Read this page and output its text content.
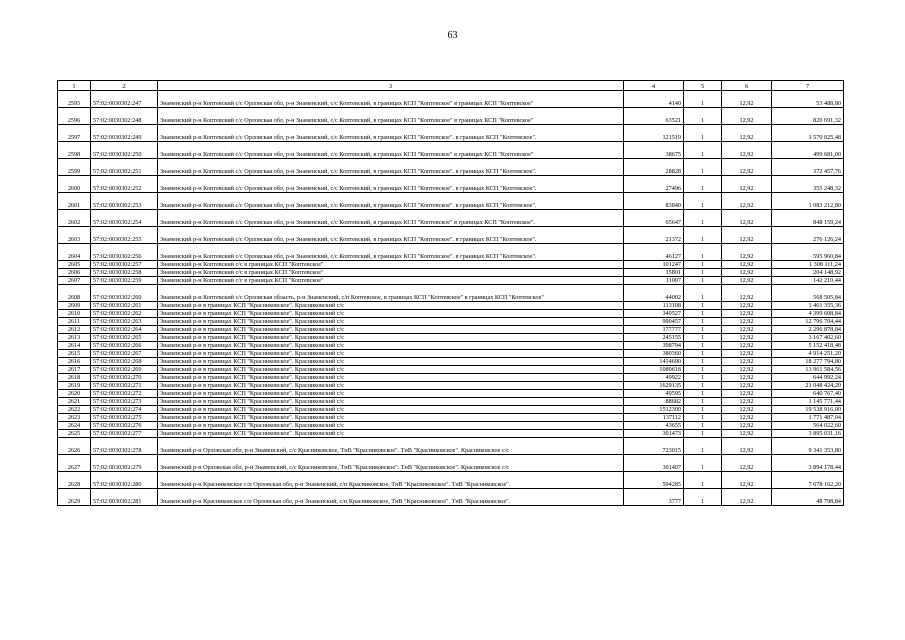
63
1	2	3	4	5	6	7
2595	57:02:0030302:247	Знаменский р-н Коптевский с/с Орловская обл, р-н Знаменский, с/с Коптевский, в границах КСП "Коптевское" в границах КСП "Коптевское"	4140	1	12,92	53 488,80
2596	57:02:0030302:248	Знаменский р-н Коптевский с/с Орловская обл, р-н Знаменский, с/с Коптевский, в границах КСП "Коптевское" в границах КСП "Коптевское"	63521	1	12,92	820 691,32
2597	57:02:0030302:249	Знаменский р-н Коптевский с/с Орловская обл, р-н Знаменский, с/с Коптевский, в границах КСП "Коптевское". в границах КСП "Коптевское".	121519	1	12,92	1 570 025,48
2598	57:02:0030302:250	Знаменский р-н Коптевский с/с Орловская обл, р-н Знаменский, с/с Коптевский, в границах КСП "Коптевское" в границах КСП "Коптевское"	38675	1	12,92	499 681,00
2599	57:02:0030302:251	Знаменский р-н Коптевский с/с Орловская обл, р-н Знаменский, с/с Коптевский, в границах КСП "Коптевское". в границах КСП "Коптевское".	28828	1	12,92	372 457,76
2600	57:02:0030302:252	Знаменский р-н Коптевский с/с Орловская обл, р-н Знаменский, с/с Коптевский, в границах КСП "Коптевское". в границах КСП "Коптевское".	27496	1	12,92	355 248,32
2601	57:02:0030302:253	Знаменский р-н Коптевский с/с Орловская обл, р-н Знаменский, с/с Коптевский, в границах КСП "Коптевское". в границах КСП "Коптевское".	83840	1	12,92	1 083 212,80
2602	57:02:0030302:254	Знаменский р-н Коптевский с/с Орловская обл, р-н Знаменский, с/с Коптевский, в границах КСП "Коптевское" в границах КСП "Коптевское".	65647	1	12,92	848 159,24
2603	57:02:0030302:255	Знаменский р-н Коптевский с/с Орловская обл, р-н Знаменский, с/с Коптевский, в границах КСП "Коптевское". в границах КСП "Коптевское".	21372	1	12,92	276 126,24
2604	57:02:0030302:256	Знаменский р-н Коптевский с/с Орловская обл, р-н Знаменский, с/с Коптевский, в границах КСП "Коптевское". в границах КСП "Коптевское".	46127	1	12,92	595 960,84
2605	57:02:0030302:257	Знаменский р-н Коптевский с/с в границах КСП "Коптевское"	101247	1	12,92	1 308 111,24
2606	57:02:0030302:258	Знаменский р-н Коптевский с/с в границах КСП "Коптевское"	15801	1	12,92	204 148,92
2607	57:02:0030302:259	Знаменский р-н Коптевский с/с в границах КСП "Коптевское"	11007	1	12,92	142 210,44
2608	57:02:0030302:260	Знаменский р-н Коптевский с/с Орловская область, р-н Знаменский, с/п Коптевское, в границах КСП "Коптевское" в границах КСП "Коптевское"	44002	1	12,92	568 505,84
2609	57:02:0030302:261	Знаменский р-н в границах КСП "Красниковское". Красниковский с/с	113108	1	12,92	1 461 355,36
2610	57:02:0030302:262	Знаменский р-н в границах КСП "Красниковское". Красниковский с/с	340527	1	12,92	4 399 608,84
2611	57:02:0030302:263	Знаменский р-н в границах КСП "Красниковское". Красниковский с/с	990457	1	12,92	12 796 704,44
2612	57:02:0030302:264	Знаменский р-н в границах КСП "Красниковское". Красниковский с/с	177777	1	12,92	2 296 878,84
2613	57:02:0030302:265	Знаменский р-н в границах КСП "Красниковское". Красниковский с/с	245155	1	12,92	3 167 402,60
2614	57:02:0030302:266	Знаменский р-н в границах КСП "Красниковское". Красниковский с/с	398794	1	12,92	5 152 418,48
2615	57:02:0030302:267	Знаменский р-н в границах КСП "Красниковское". Красниковский с/с	380360	1	12,92	4 914 251,20
2616	57:02:0030302:268	Знаменский р-н в границах КСП "Красниковское". Красниковский с/с	1414690	1	12,92	18 277 794,80
2617	57:02:0030302:269	Знаменский р-н в границах КСП "Красниковское". Красниковский с/с	1080618	1	12,92	13 961 584,56
2618	57:02:0030302:270	Знаменский р-н в границах КСП "Красниковское". Красниковский с/с	49922	1	12,92	644 992,24
2619	57:02:0030302:271	Знаменский р-н в границах КСП "Красниковское". Красниковский с/с	1629135	1	12,92	21 048 424,20
2620	57:02:0030302:272	Знаменский р-н в границах КСП "Красниковское". Красниковский с/с	49595	1	12,92	640 767,40
2621	57:02:0030302:273	Знаменский р-н в границах КСП "Красниковское". Красниковский с/с	88682	1	12,92	1 145 771,44
2622	57:02:0030302:274	Знаменский р-н в границах КСП "Красниковское". Красниковский с/с	1512300	1	12,92	19 538 916,00
2623	57:02:0030302:275	Знаменский р-н в границах КСП "Красниковское". Красниковский с/с	137112	1	12,92	1 771 487,04
2624	57:02:0030302:276	Знаменский р-н в границах КСП "Красниковское". Красниковский с/с	43655	1	12,92	564 022,60
2625	57:02:0030302:277	Знаменский р-н в границах КСП "Красниковское". Красниковский с/с	301473	1	12,92	3 895 031,16
2626	57:02:0030302:278	Знаменский р-н Орловская обл, р-н Знаменский, с/с Красниковское, ТнВ "Красниковское". ТнВ "Красниковское". Красниковское с/с	723015	1	12,92	9 341 353,80
2627	57:02:0030302:279	Знаменский р-н Орловская обл, р-н Знаменский, с/с Красниковское, ТнВ "Красниковское". ТнВ "Красниковское". Красниковское с/с	301407	1	12,92	3 894 178,44
2628	57:02:0030302:280	Знаменский р-н Красниковское с/п Орловская обл, р-н Знаменский, с/п Красниковское, ТнВ "Красниковское". ТнВ "Красниковское".	594285	1	12,92	7 678 162,20
2629	57:02:0030302:281	Знаменский р-н Красниковское с/п Орловская обл, р-н Знаменский, с/п Красниковское, ТнВ "Красниковское". ТнВ "Красниковское".	3777	1	12,92	48 798,84
